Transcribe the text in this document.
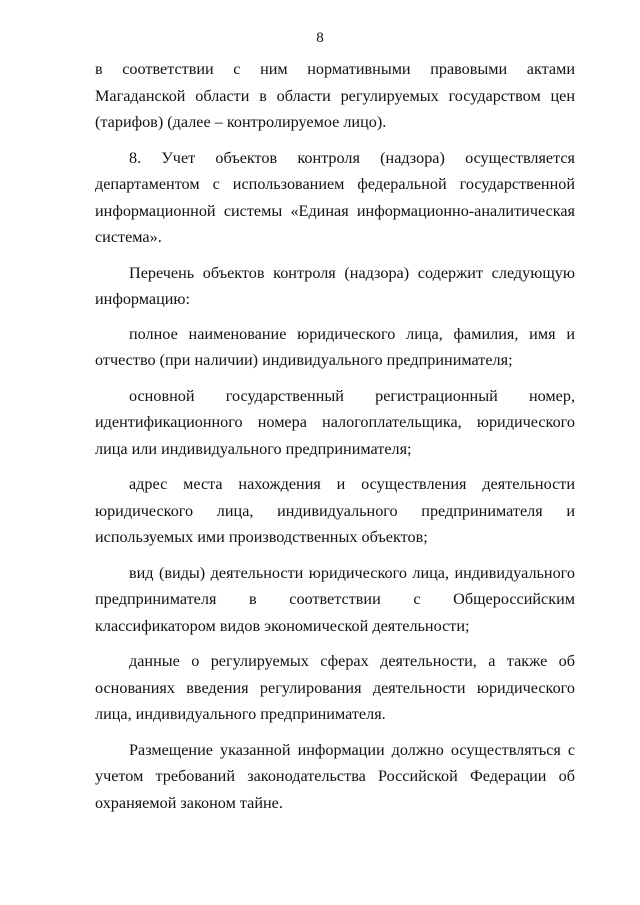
8

в соответствии с ним нормативными правовыми актами Магаданской области в области регулируемых государством цен (тарифов) (далее – контролируемое лицо).

8. Учет объектов контроля (надзора) осуществляется департаментом с использованием федеральной государственной информационной системы «Единая информационно-аналитическая система».

Перечень объектов контроля (надзора) содержит следующую информацию:

полное наименование юридического лица, фамилия, имя и отчество (при наличии) индивидуального предпринимателя;

основной государственный регистрационный номер, идентификационного номера налогоплательщика, юридического лица или индивидуального предпринимателя;

адрес места нахождения и осуществления деятельности юридического лица, индивидуального предпринимателя и используемых ими производственных объектов;

вид (виды) деятельности юридического лица, индивидуального предпринимателя в соответствии с Общероссийским классификатором видов экономической деятельности;

данные о регулируемых сферах деятельности, а также об основаниях введения регулирования деятельности юридического лица, индивидуального предпринимателя.

Размещение указанной информации должно осуществляться с учетом требований законодательства Российской Федерации об охраняемой законом тайне.
